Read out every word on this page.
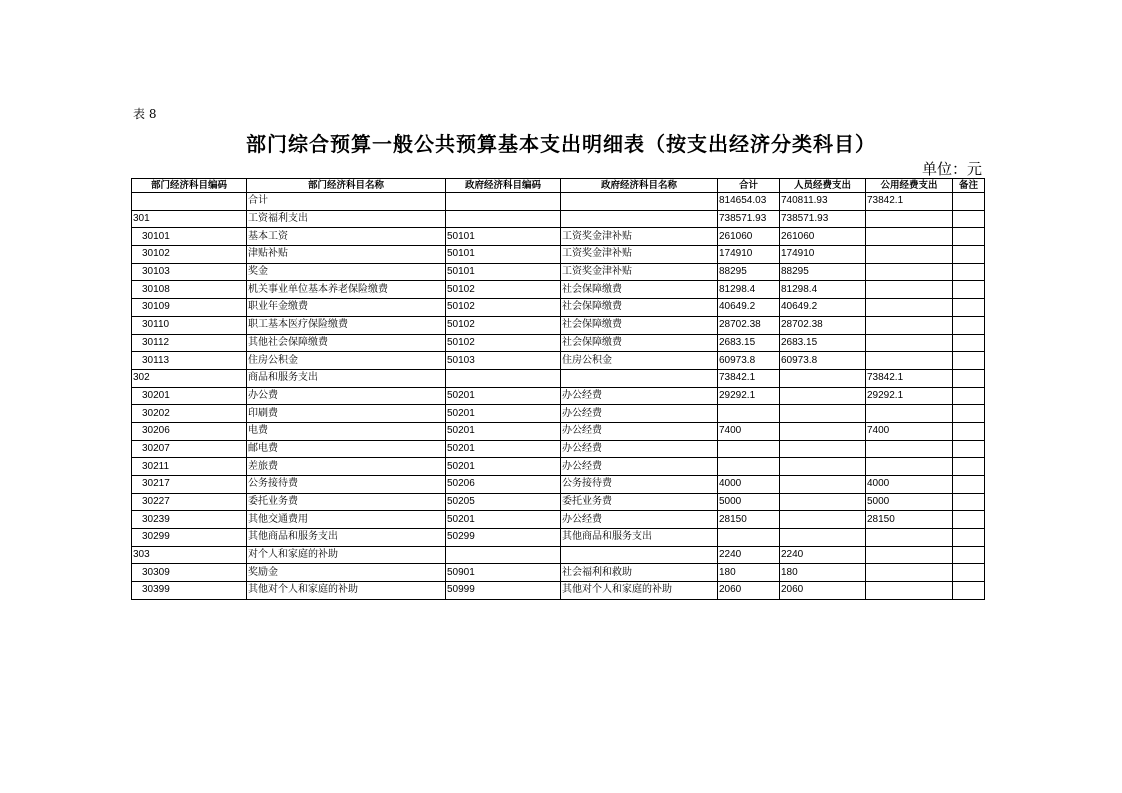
表 8
部门综合预算一般公共预算基本支出明细表（按支出经济分类科目）
单位：元
部门经济科目编码	部门经济科目名称	政府经济科目编码	政府经济科目名称	合计	人员经费支出	公用经费支出	备注
	合计			814654.03	740811.93	73842.1	
301	工资福利支出			738571.93	738571.93		
30101	基本工资	50101	工资奖金津补贴	261060	261060		
30102	津贴补贴	50101	工资奖金津补贴	174910	174910		
30103	奖金	50101	工资奖金津补贴	88295	88295		
30108	机关事业单位基本养老保险缴费	50102	社会保障缴费	81298.4	81298.4		
30109	职业年金缴费	50102	社会保障缴费	40649.2	40649.2		
30110	职工基本医疗保险缴费	50102	社会保障缴费	28702.38	28702.38		
30112	其他社会保障缴费	50102	社会保障缴费	2683.15	2683.15		
30113	住房公积金	50103	住房公积金	60973.8	60973.8		
302	商品和服务支出			73842.1		73842.1	
30201	办公费	50201	办公经费	29292.1		29292.1	
30202	印刷费	50201	办公经费				
30206	电费	50201	办公经费	7400		7400	
30207	邮电费	50201	办公经费				
30211	差旅费	50201	办公经费				
30217	公务接待费	50206	公务接待费	4000		4000	
30227	委托业务费	50205	委托业务费	5000		5000	
30239	其他交通费用	50201	办公经费	28150		28150	
30299	其他商品和服务支出	50299	其他商品和服务支出				
303	对个人和家庭的补助			2240	2240		
30309	奖励金	50901	社会福利和救助	180	180		
30399	其他对个人和家庭的补助	50999	其他对个人和家庭的补助	2060	2060		
